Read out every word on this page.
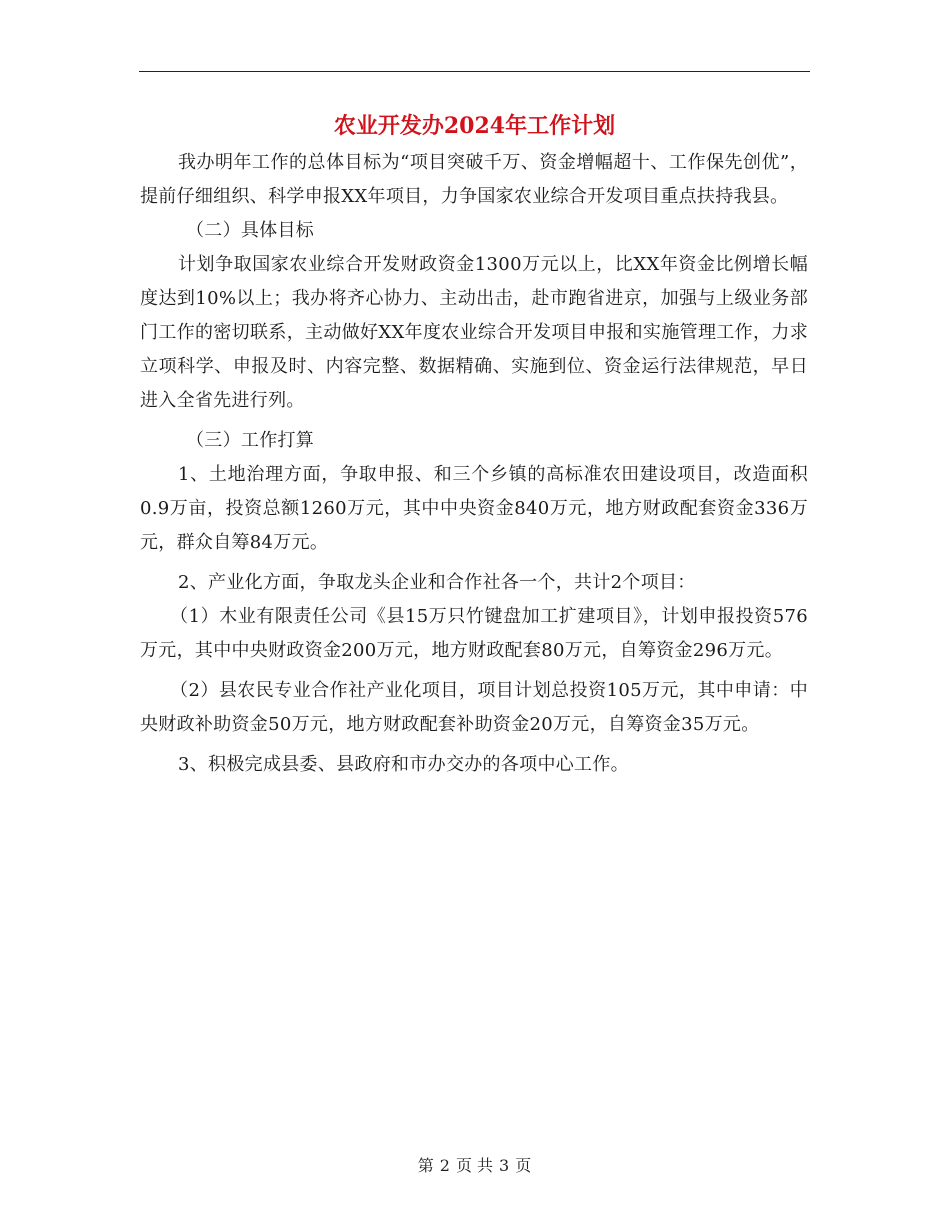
农业开发办2024年工作计划

我办明年工作的总体目标为“项目突破千万、资金增幅超十、工作保先创优”，提前仔细组织、科学申报XX年项目，力争国家农业综合开发项目重点扶持我县。

（二）具体目标

计划争取国家农业综合开发财政资金1300万元以上，比XX年资金比例增长幅度达到10%以上；我办将齐心协力、主动出击，赴市跑省进京，加强与上级业务部门工作的密切联系，主动做好XX年度农业综合开发项目申报和实施管理工作，力求立项科学、申报及时、内容完整、数据精确、实施到位、资金运行法律规范，早日进入全省先进行列。

（三）工作打算

1、土地治理方面，争取申报、和三个乡镇的高标准农田建设项目，改造面积0.9万亩，投资总额1260万元，其中中央资金840万元，地方财政配套资金336万元，群众自筹84万元。

2、产业化方面，争取龙头企业和合作社各一个，共计2个项目：

（1）木业有限责任公司《县15万只竹键盘加工扩建项目》，计划申报投资576万元，其中中央财政资金200万元，地方财政配套80万元，自筹资金296万元。

（2）县农民专业合作社产业化项目，项目计划总投资105万元，其中申请：中央财政补助资金50万元，地方财政配套补助资金20万元，自筹资金35万元。

3、积极完成县委、县政府和市办交办的各项中心工作。

第 2 页 共 3 页
